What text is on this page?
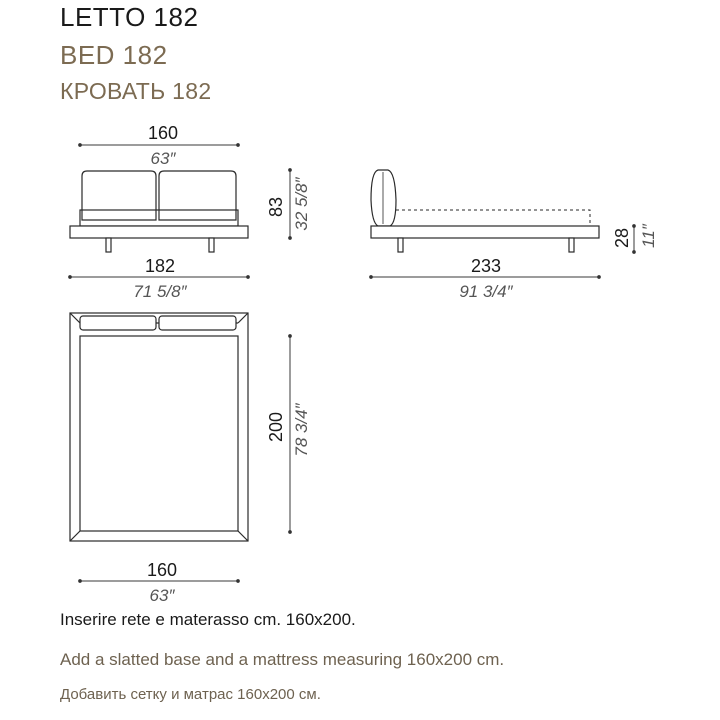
LETTO 182
BED 182
КРОВАТЬ 182
160
63″
83 32 5/8″
182
71 5/8″
28 11″
233
91 3/4″
200 78 3/4″
160
63″
Inserire rete e materasso cm. 160x200.
Add a slatted base and a mattress measuring 160x200 cm.
Добавить сетку и матрас 160x200 см.
